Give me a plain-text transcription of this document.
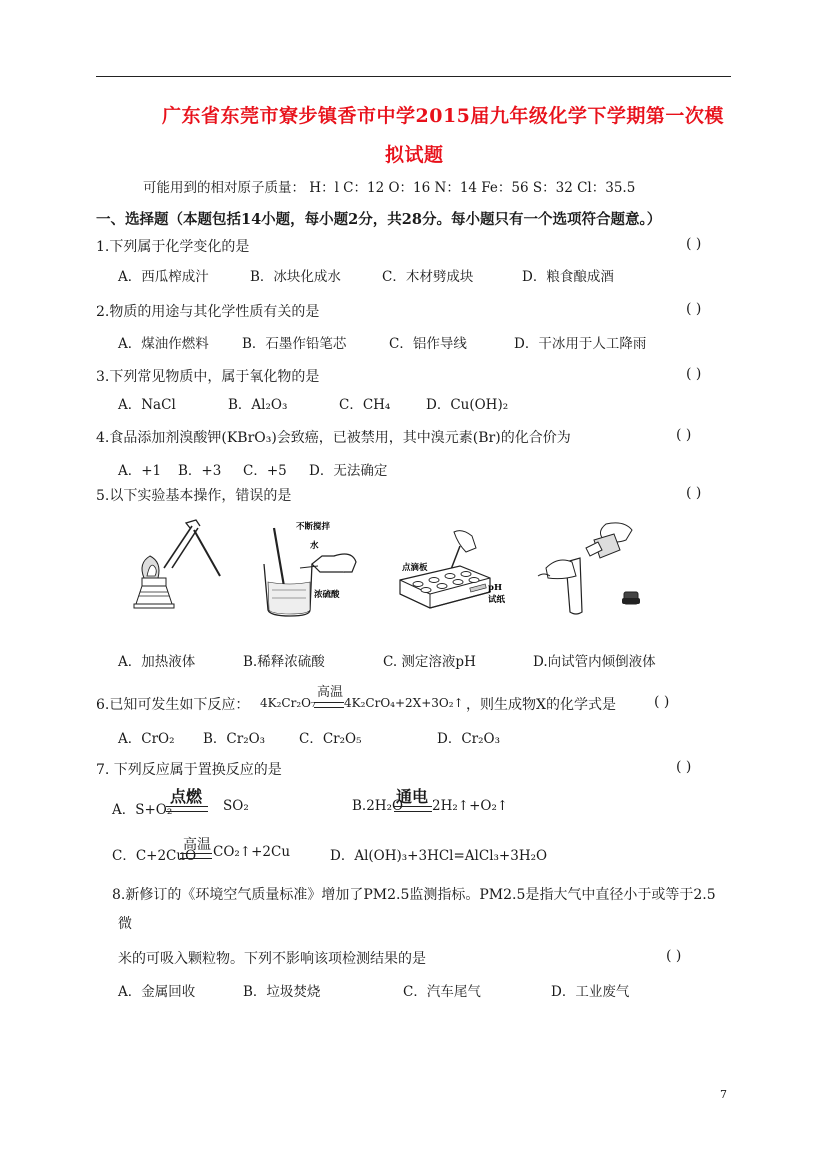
广东省东莞市寮步镇香市中学2015届九年级化学下学期第一次模
拟试题
可能用到的相对原子质量： H：l C：12 O：16 N：14 Fe：56 S：32 Cl：35.5
一、选择题（本题包括14小题，每小题2分，共28分。每小题只有一个选项符合题意。）
1.下列属于化学变化的是	( )
A．西瓜榨成汁	B．冰块化成水	C．木材劈成块	D．粮食酿成酒
2.物质的用途与其化学性质有关的是	( )
A．煤油作燃料 B．石墨作铅笔芯	C．铝作导线	D．干冰用于人工降雨
3.下列常见物质中，属于氧化物的是	( )
A．NaCl	B．Al₂O₃	C．CH₄	D．Cu(OH)₂
4.食品添加剂溴酸钾(KBrO₃)会致癌，已被禁用，其中溴元素(Br)的化合价为	( )
A．+1 B．+3 C．+5 D．无法确定
5.以下实验基本操作，错误的是	( )
不断搅拌
水
浓硫酸
点滴板
pH
试纸
A．加热液体	B.稀释浓硫酸	C. 测定溶液pH	D.向试管内倾倒液体
6.已知可发生如下反应： 4K₂Cr₂O₇
高温
4K₂CrO₄+2X+3O₂↑ ，则生成物X的化学式是	( )
A．CrO₂ B．Cr₂O₃	C．Cr₂O₅	D．Cr₂O₃
7. 下列反应属于置换反应的是	( )
A．S+O₂
点燃 SO₂	B.2H₂O
通电 2H₂↑+O₂↑
C．C+2CuO
高温 CO₂↑+2Cu	D．Al(OH)₃+3HCl=AlCl₃+3H₂O
8.新修订的《环境空气质量标准》增加了PM2.5监测指标。PM2.5是指大气中直径小于或等于2.5
微
米的可吸入颗粒物。下列不影响该项检测结果的是	( )
A．金属回收	B．垃圾焚烧	C．汽车尾气	D．工业废气
7
